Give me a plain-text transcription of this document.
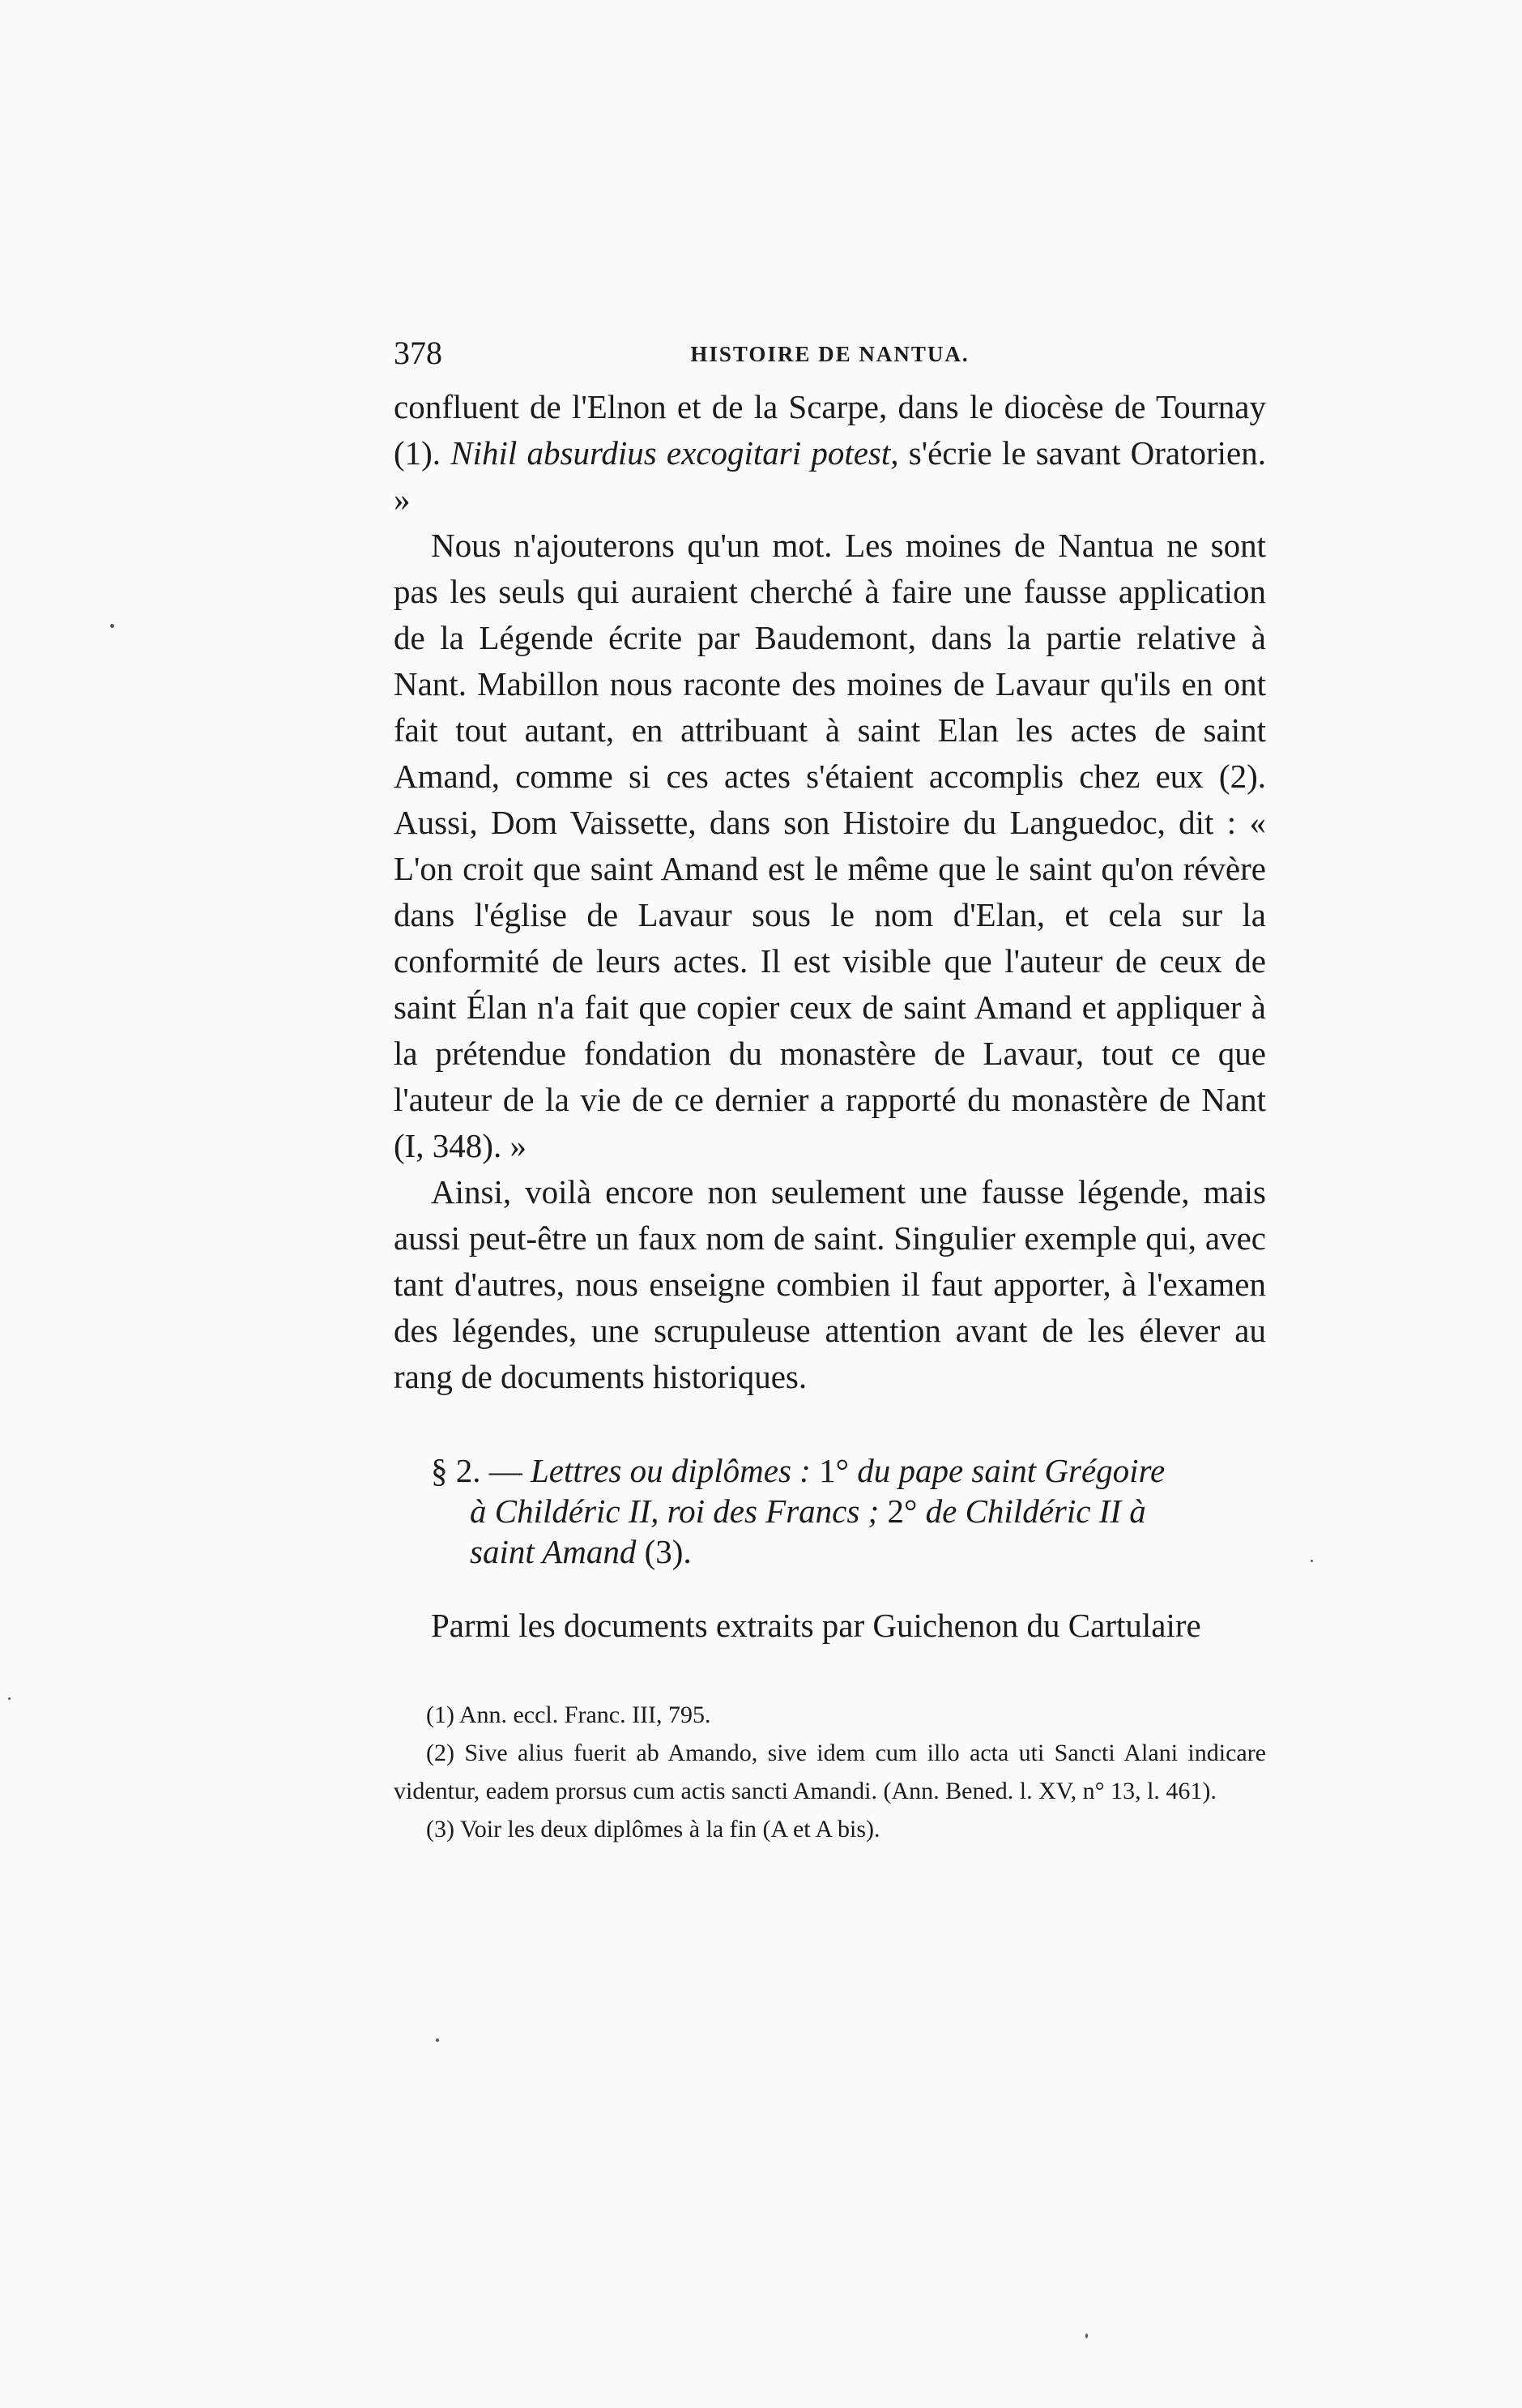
378	HISTOIRE DE NANTUA.

confluent de l'Elnon et de la Scarpe, dans le diocèse de Tournay (1). Nihil absurdius excogitari potest, s'écrie le savant Oratorien. »

Nous n'ajouterons qu'un mot. Les moines de Nantua ne sont pas les seuls qui auraient cherché à faire une fausse application de la Légende écrite par Baudemont, dans la partie relative à Nant. Mabillon nous raconte des moines de Lavaur qu'ils en ont fait tout autant, en attribuant à saint Elan les actes de saint Amand, comme si ces actes s'étaient accomplis chez eux (2). Aussi, Dom Vaissette, dans son Histoire du Languedoc, dit : « L'on croit que saint Amand est le même que le saint qu'on révère dans l'église de Lavaur sous le nom d'Elan, et cela sur la conformité de leurs actes. Il est visible que l'auteur de ceux de saint Élan n'a fait que copier ceux de saint Amand et appliquer à la prétendue fondation du monastère de Lavaur, tout ce que l'auteur de la vie de ce dernier a rapporté du monastère de Nant (I, 348). »

Ainsi, voilà encore non seulement une fausse légende, mais aussi peut-être un faux nom de saint. Singulier exemple qui, avec tant d'autres, nous enseigne combien il faut apporter, à l'examen des légendes, une scrupuleuse attention avant de les élever au rang de documents historiques.

§ 2. — Lettres ou diplômes : 1° du pape saint Grégoire
à Childéric II, roi des Francs ; 2° de Childéric II à
saint Amand (3).

Parmi les documents extraits par Guichenon du Cartulaire

(1) Ann. eccl. Franc. III, 795.

(2) Sive alius fuerit ab Amando, sive idem cum illo acta uti Sancti Alani indicare videntur, eadem prorsus cum actis sancti Amandi. (Ann. Bened. l. XV, n° 13, l. 461).

(3) Voir les deux diplômes à la fin (A et A bis).
